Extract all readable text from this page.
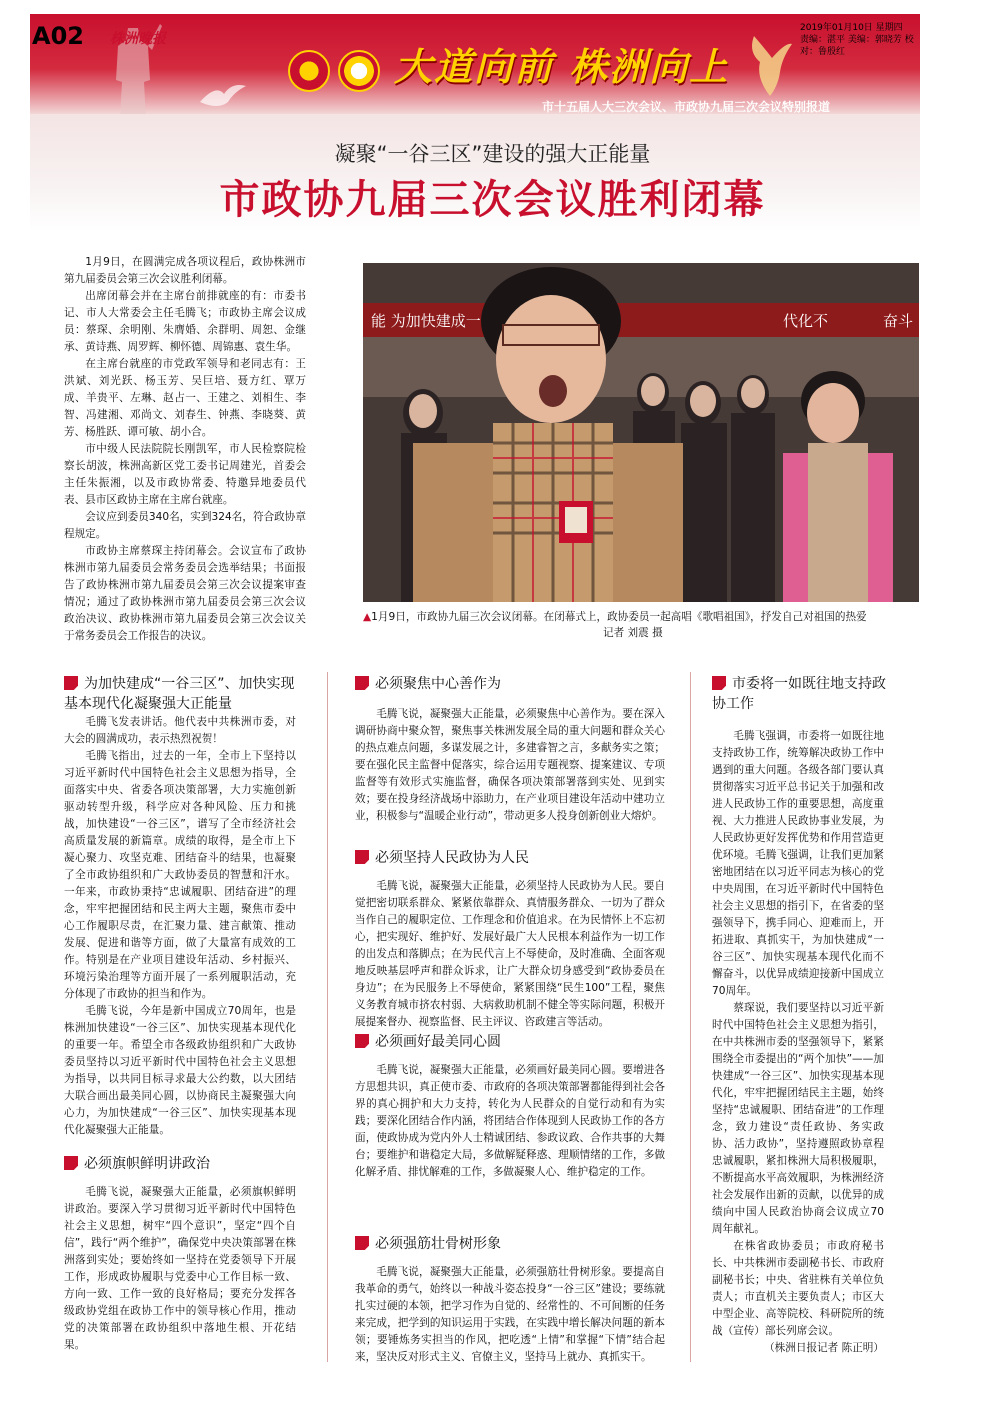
大道向前 株洲向上
市十五届人大三次会议、市政协九届三次会议特别报道
A02 株洲晚报
2019年01月10日 星期四
责编：湛平 美编：郭晓芳 校对：鲁殷红
凝聚“一谷三区”建设的强大正能量
市政协九届三次会议胜利闭幕

1月9日，在圆满完成各项议程后，政协株洲市第九届委员会第三次会议胜利闭幕。

出席闭幕会并在主席台前排就座的有：市委书记、市人大常委会主任毛腾飞；市政协主席会议成员：蔡琛、余明刚、朱膺婚、余群明、周恕、金继承、黄诗燕、周罗辉、柳怀德、周锦惠、袁生华。

在主席台就座的市党政军领导和老同志有：王洪斌、刘光跃、杨玉芳、吴巨培、聂方红、覃万成、羊贵平、左琳、赵占一、王建之、刘相生、李智、冯建湘、邓尚文、刘春生、钟燕、李晓葵、黄芳、杨胜跃、谭可敏、胡小合。

市中级人民法院院长刚凯军，市人民检察院检察长胡波，株洲高新区党工委书记周建光，首委会主任朱振湘，以及市政协常委、特邀异地委员代表、县市区政协主席在主席台就座。

会议应到委员340名，实到324名，符合政协章程规定。

市政协主席蔡琛主持闭幕会。会议宣布了政协株洲市第九届委员会常务委员会选举结果；书面报告了政协株洲市第九届委员会第三次会议提案审查情况；通过了政协株洲市第九届委员会第三次会议政治决议、政协株洲市第九届委员会第三次会议关于常务委员会工作报告的决议。

能 为加快建成一	代化不	奋斗
▲1月9日，市政协九届三次会议闭幕。在闭幕式上，政协委员一起高唱《歌唱祖国》，抒发自己对祖国的热爱记者 刘震 摄
为加快建成“一谷三区”、加快实现基本现代化凝聚强大正能量

毛腾飞发表讲话。他代表中共株洲市委，对大会的圆满成功，表示热烈祝贺！

毛腾飞指出，过去的一年，全市上下坚持以习近平新时代中国特色社会主义思想为指导，全面落实中央、省委各项决策部署，大力实施创新驱动转型升级，科学应对各种风险、压力和挑战，加快建设“一谷三区”，谱写了全市经济社会高质量发展的新篇章。成绩的取得，是全市上下凝心聚力、攻坚克难、团结奋斗的结果，也凝聚了全市政协组织和广大政协委员的智慧和汗水。一年来，市政协秉持“忠诚履职、团结奋进”的理念，牢牢把握团结和民主两大主题，聚焦市委中心工作履职尽责，在汇聚力量、建言献策、推动发展、促进和谐等方面，做了大量富有成效的工作。特别是在产业项目建设年活动、乡村振兴、环境污染治理等方面开展了一系列履职活动，充分体现了市政协的担当和作为。

毛腾飞说，今年是新中国成立70周年，也是株洲加快建设“一谷三区”、加快实现基本现代化的重要一年。希望全市各级政协组织和广大政协委员坚持以习近平新时代中国特色社会主义思想为指导，以共同目标寻求最大公约数，以大团结大联合画出最美同心圆，以协商民主凝聚强大向心力，为加快建成“一谷三区”、加快实现基本现代化凝聚强大正能量。

必须旗帜鲜明讲政治

毛腾飞说，凝聚强大正能量，必须旗帜鲜明讲政治。要深入学习贯彻习近平新时代中国特色社会主义思想，树牢“四个意识”，坚定“四个自信”，践行“两个维护”，确保党中央决策部署在株洲落到实处；要始终如一坚持在党委领导下开展工作，形成政协履职与党委中心工作目标一致、方向一致、工作一致的良好格局；要充分发挥各级政协党组在政协工作中的领导核心作用，推动党的决策部署在政协组织中落地生根、开花结果。

必须聚焦中心善作为

毛腾飞说，凝聚强大正能量，必须聚焦中心善作为。要在深入调研协商中聚众智，聚焦事关株洲发展全局的重大问题和群众关心的热点难点问题，多谋发展之计，多建睿智之言，多献务实之策；要在强化民主监督中促落实，综合运用专题视察、提案建议、专项监督等有效形式实施监督，确保各项决策部署落到实处、见到实效；要在投身经济战场中添助力，在产业项目建设年活动中建功立业，积极参与“温暖企业行动”，带动更多人投身创新创业大熔炉。

必须坚持人民政协为人民

毛腾飞说，凝聚强大正能量，必须坚持人民政协为人民。要自觉把密切联系群众、紧紧依靠群众、真情服务群众、一切为了群众当作自己的履职定位、工作理念和价值追求。在为民情怀上不忘初心，把实现好、维护好、发展好最广大人民根本利益作为一切工作的出发点和落脚点；在为民代言上不辱使命，及时准确、全面客观地反映基层呼声和群众诉求，让广大群众切身感受到“政协委员在身边”；在为民服务上不辱使命，紧紧围绕“民生100”工程，聚焦义务教育城市挤农村弱、大病救助机制不健全等实际问题，积极开展提案督办、视察监督、民主评议、咨政建言等活动。

必须画好最美同心圆

毛腾飞说，凝聚强大正能量，必须画好最美同心圆。要增进各方思想共识，真正使市委、市政府的各项决策部署都能得到社会各界的真心拥护和大力支持，转化为人民群众的自觉行动和有为实践；要深化团结合作内涵，将团结合作体现到人民政协工作的各方面，使政协成为党内外人士精诚团结、参政议政、合作共事的大舞台；要维护和谐稳定大局，多做解疑释惑、理顺情绪的工作，多做化解矛盾、排忧解难的工作，多做凝聚人心、维护稳定的工作。

必须强筋壮骨树形象

毛腾飞说，凝聚强大正能量，必须强筋壮骨树形象。要提高自我革命的勇气，始终以一种战斗姿态投身“一谷三区”建设；要练就扎实过硬的本领，把学习作为自觉的、经常性的、不可间断的任务来完成，把学到的知识运用于实践，在实践中增长解决问题的新本领；要锤炼务实担当的作风，把吃透“上情”和掌握“下情”结合起来，坚决反对形式主义、官僚主义，坚持马上就办、真抓实干。

市委将一如既往地支持政协工作

毛腾飞强调，市委将一如既往地支持政协工作，统筹解决政协工作中遇到的重大问题。各级各部门要认真贯彻落实习近平总书记关于加强和改进人民政协工作的重要思想，高度重视、大力推进人民政协事业发展，为人民政协更好发挥优势和作用营造更优环境。毛腾飞强调，让我们更加紧密地团结在以习近平同志为核心的党中央周围，在习近平新时代中国特色社会主义思想的指引下，在省委的坚强领导下，携手同心、迎难而上，开拓进取、真抓实干，为加快建成“一谷三区”、加快实现基本现代化而不懈奋斗，以优异成绩迎接新中国成立70周年。

蔡琛说，我们要坚持以习近平新时代中国特色社会主义思想为指引，在中共株洲市委的坚强领导下，紧紧围绕全市委提出的“两个加快”——加快建成“一谷三区”、加快实现基本现代化，牢牢把握团结民主主题，始终坚持“忠诚履职、团结奋进”的工作理念，致力建设“责任政协、务实政协、活力政协”，坚持遵照政协章程忠诚履职，紧扣株洲大局积极履职，不断提高水平高效履职，为株洲经济社会发展作出新的贡献，以优异的成绩向中国人民政治协商会议成立70周年献礼。

在株省政协委员；市政府秘书长、中共株洲市委副秘书长、市政府副秘书长；中央、省驻株有关单位负责人；市直机关主要负责人；市区大中型企业、高等院校、科研院所的统战（宣传）部长列席会议。

（株洲日报记者 陈正明）
